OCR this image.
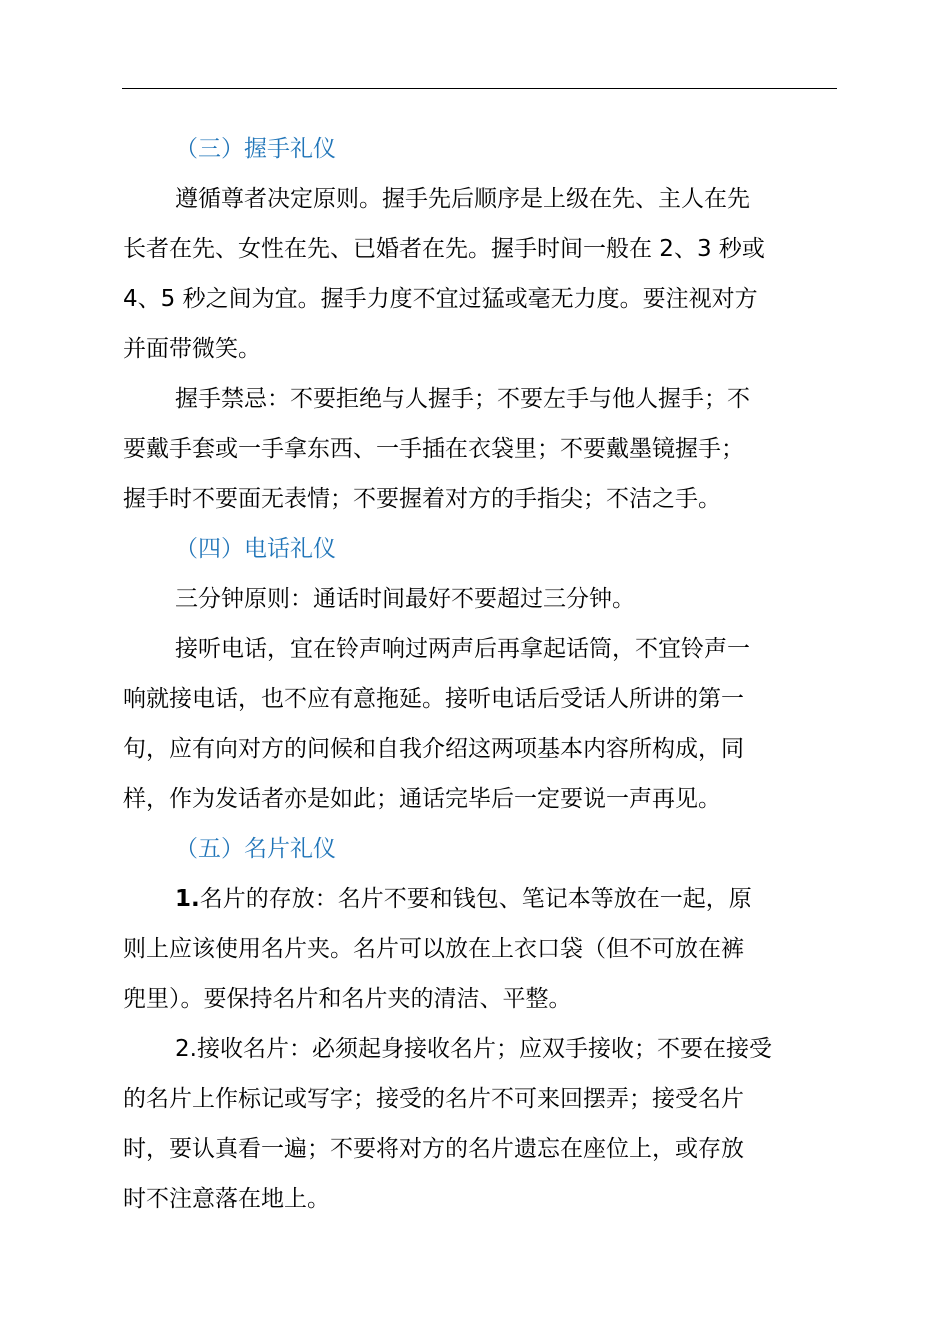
（三）握手礼仪

遵循尊者决定原则。握手先后顺序是上级在先、主人在先
长者在先、女性在先、已婚者在先。握手时间一般在 2、3 秒或
4、5 秒之间为宜。握手力度不宜过猛或毫无力度。要注视对方
并面带微笑。

握手禁忌：不要拒绝与人握手；不要左手与他人握手；不
要戴手套或一手拿东西、一手插在衣袋里；不要戴墨镜握手；
握手时不要面无表情；不要握着对方的手指尖；不洁之手。

（四）电话礼仪

三分钟原则：通话时间最好不要超过三分钟。

接听电话，宜在铃声响过两声后再拿起话筒，不宜铃声一
响就接电话，也不应有意拖延。接听电话后受话人所讲的第一
句，应有向对方的问候和自我介绍这两项基本内容所构成，同
样，作为发话者亦是如此；通话完毕后一定要说一声再见。

（五）名片礼仪

1.名片的存放：名片不要和钱包、笔记本等放在一起，原
则上应该使用名片夹。名片可以放在上衣口袋（但不可放在裤
兜里）。要保持名片和名片夹的清洁、平整。

2.接收名片：必须起身接收名片；应双手接收；不要在接受
的名片上作标记或写字；接受的名片不可来回摆弄；接受名片
时，要认真看一遍；不要将对方的名片遗忘在座位上，或存放
时不注意落在地上。
